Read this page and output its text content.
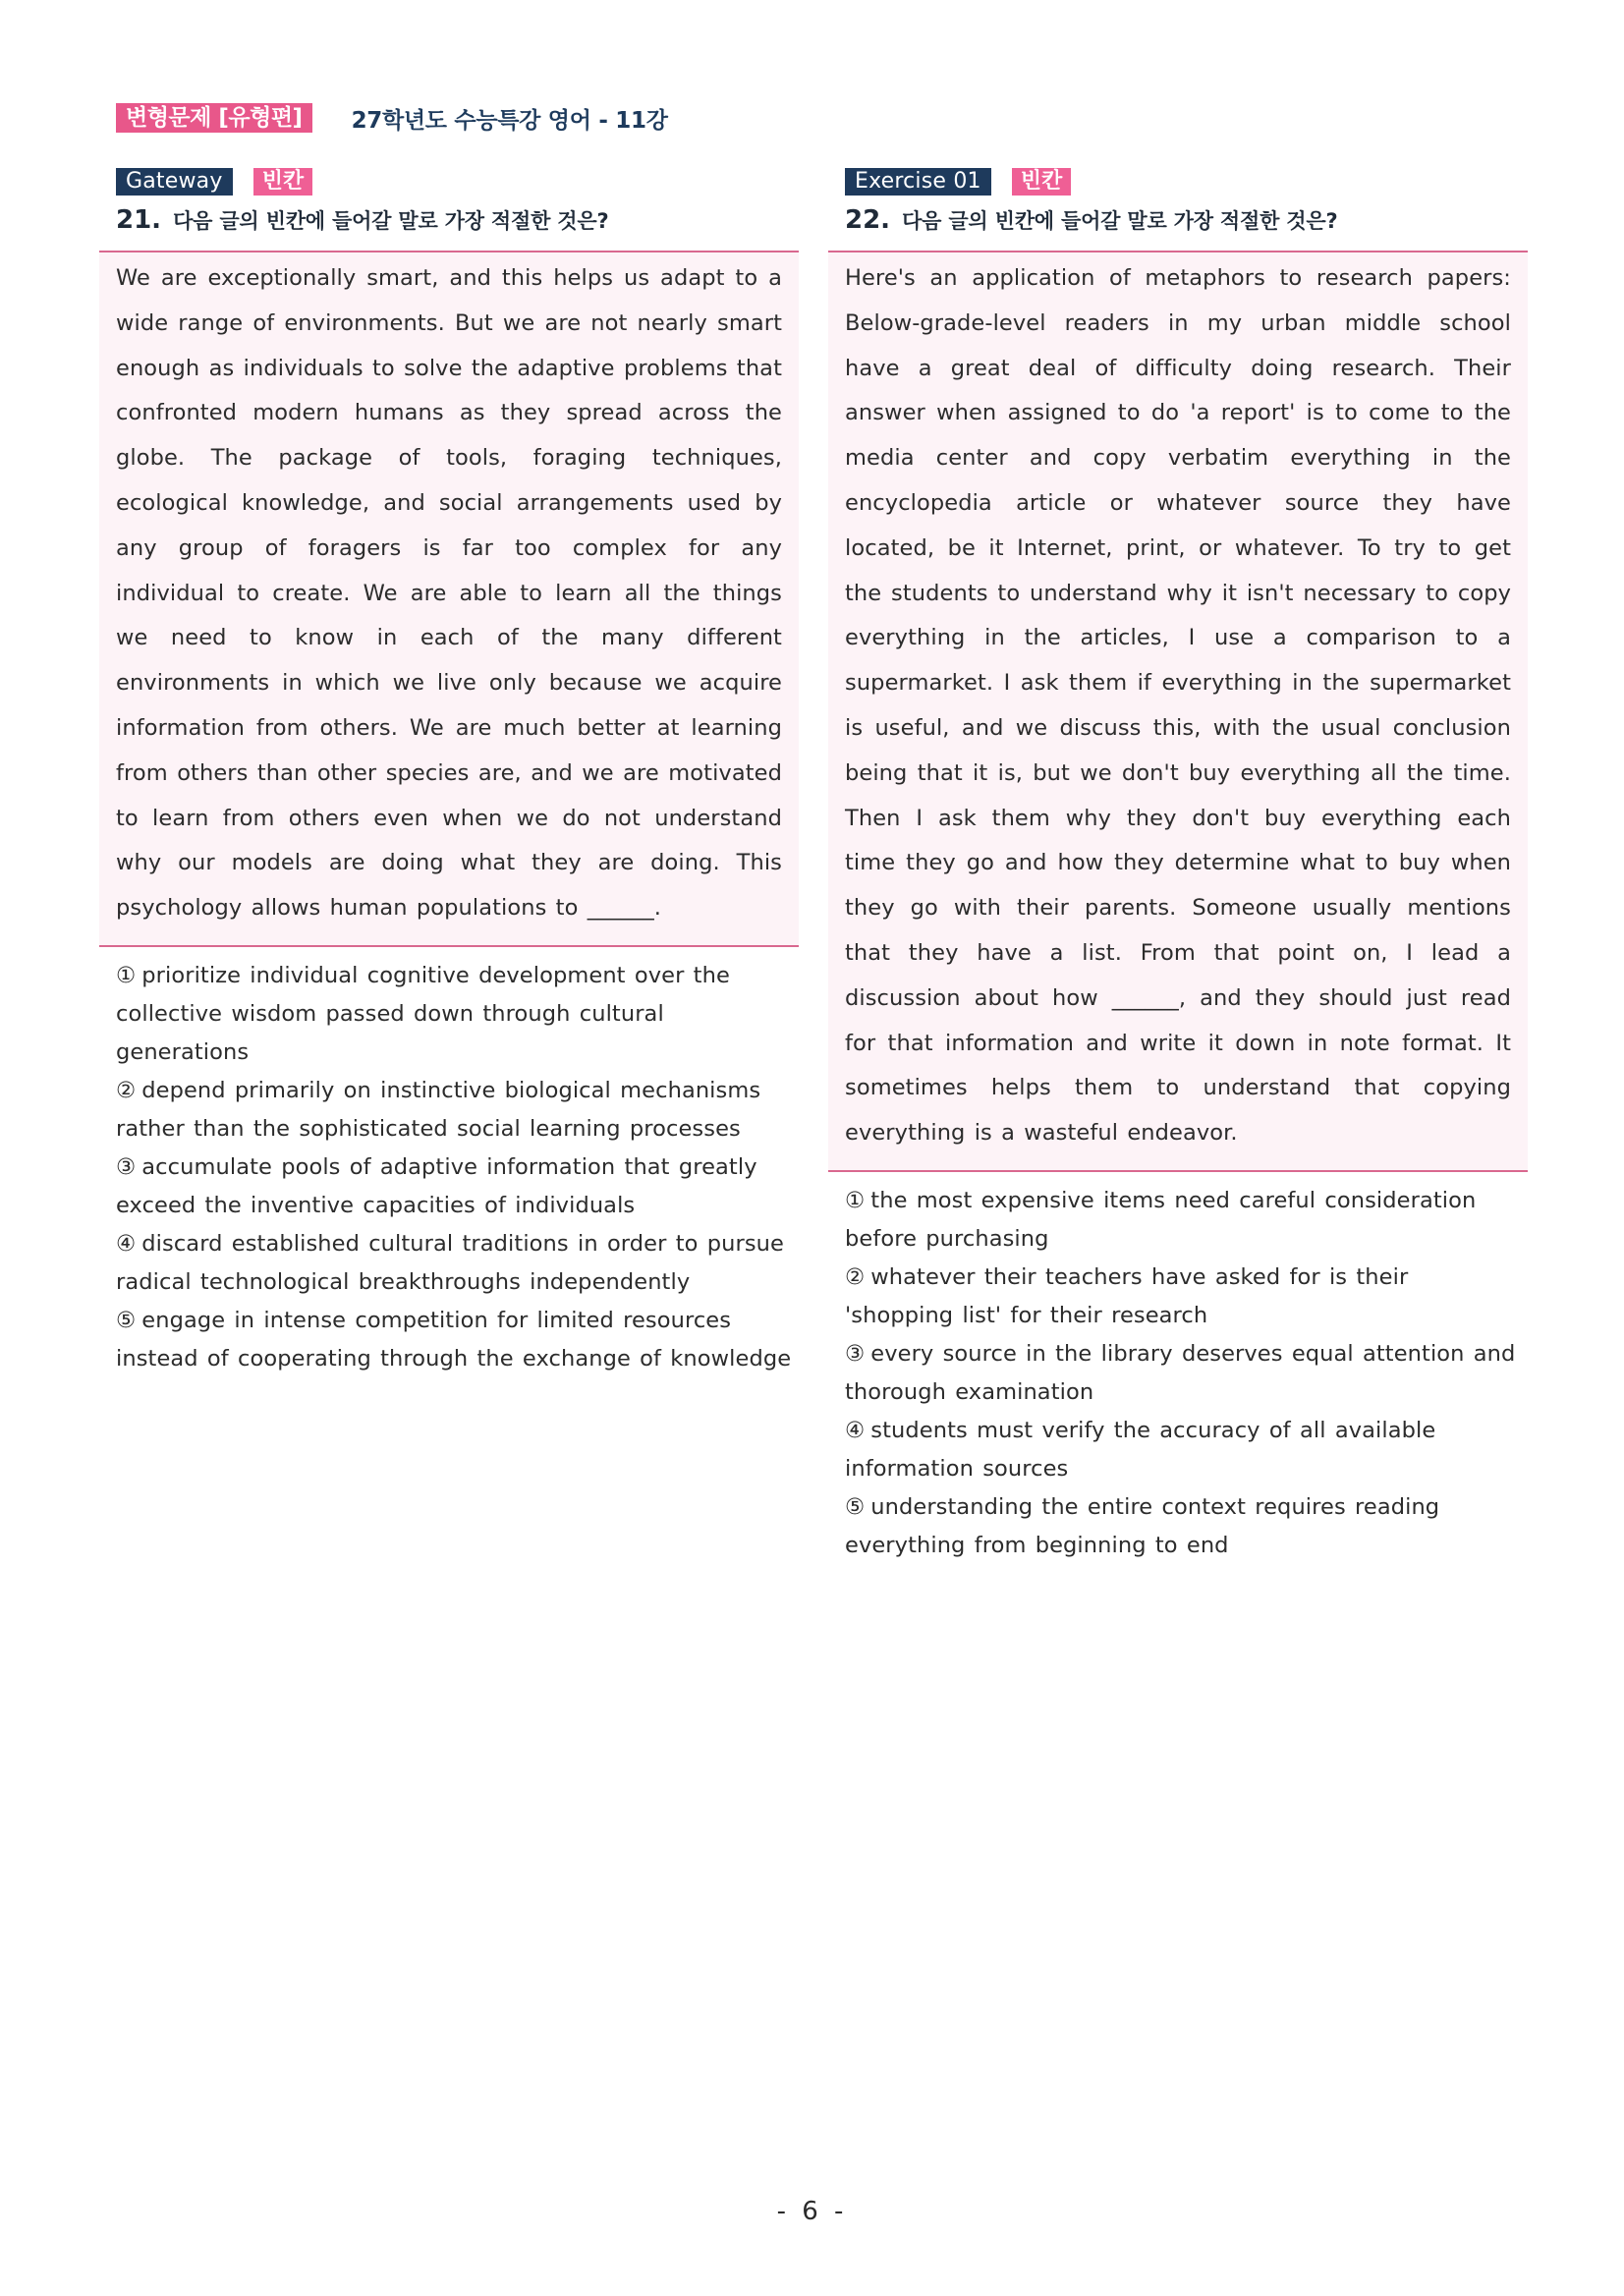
변형문제 [유형편]	27학년도 수능특강 영어 - 11강
Gateway	빈칸
21. 다음 글의 빈칸에 들어갈 말로 가장 적절한 것은?

We are exceptionally smart, and this helps us adapt to a wide range of environments. But we are not nearly smart enough as individuals to solve the adaptive problems that confronted modern humans as they spread across the globe. The package of tools, foraging techniques, ecological knowledge, and social arrangements used by any group of foragers is far too complex for any individual to create. We are able to learn all the things we need to know in each of the many different environments in which we live only because we acquire information from others. We are much better at learning from others than other species are, and we are motivated to learn from others even when we do not understand why our models are doing what they are doing. This psychology allows human populations to ______.

① prioritize individual cognitive development over the collective wisdom passed down through cultural generations
② depend primarily on instinctive biological mechanisms rather than the sophisticated social learning processes
③ accumulate pools of adaptive information that greatly exceed the inventive capacities of individuals
④ discard established cultural traditions in order to pursue radical technological breakthroughs independently
⑤ engage in intense competition for limited resources instead of cooperating through the exchange of knowledge
Exercise 01	빈칸
22. 다음 글의 빈칸에 들어갈 말로 가장 적절한 것은?

Here's an application of metaphors to research papers: Below-grade-level readers in my urban middle school have a great deal of difficulty doing research. Their answer when assigned to do 'a report' is to come to the media center and copy verbatim everything in the encyclopedia article or whatever source they have located, be it Internet, print, or whatever. To try to get the students to understand why it isn't necessary to copy everything in the articles, I use a comparison to a supermarket. I ask them if everything in the supermarket is useful, and we discuss this, with the usual conclusion being that it is, but we don't buy everything all the time. Then I ask them why they don't buy everything each time they go and how they determine what to buy when they go with their parents. Someone usually mentions that they have a list. From that point on, I lead a discussion about how ______, and they should just read for that information and write it down in note format. It sometimes helps them to understand that copying everything is a wasteful endeavor.

① the most expensive items need careful consideration before purchasing
② whatever their teachers have asked for is their 'shopping list' for their research
③ every source in the library deserves equal attention and thorough examination
④ students must verify the accuracy of all available information sources
⑤ understanding the entire context requires reading everything from beginning to end
- 6 -
